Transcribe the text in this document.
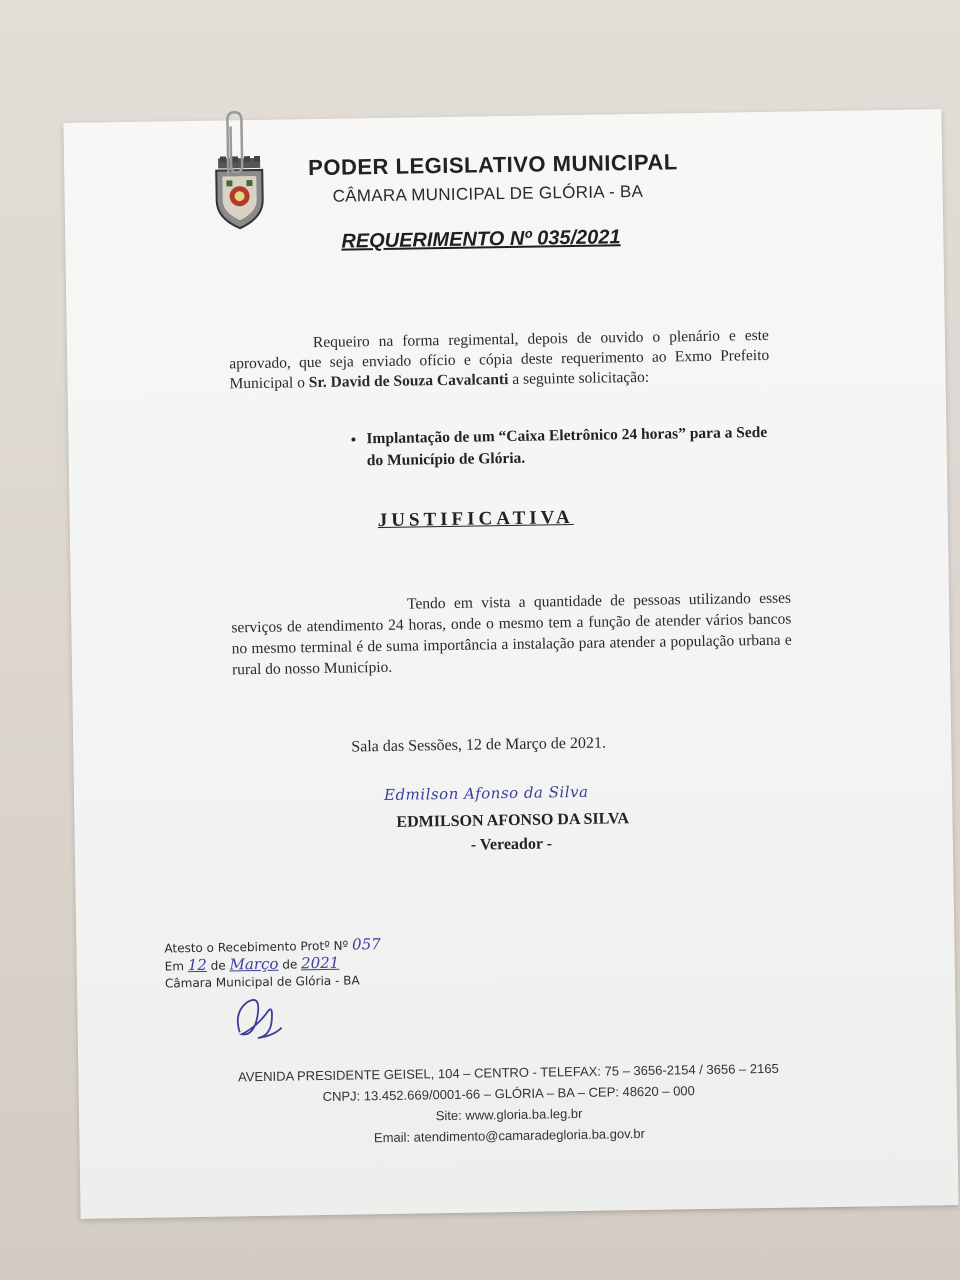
PODER LEGISLATIVO MUNICIPAL
CÂMARA MUNICIPAL DE GLÓRIA - BA
REQUERIMENTO Nº 035/2021
Requeiro na forma regimental, depois de ouvido o plenário e este aprovado, que seja enviado ofício e cópia deste requerimento ao Exmo Prefeito Municipal o Sr. David de Souza Cavalcanti a seguinte solicitação:
• Implantação de um “Caixa Eletrônico 24 horas” para a Sede do Município de Glória.
JUSTIFICATIVA
Tendo em vista a quantidade de pessoas utilizando esses serviços de atendimento 24 horas, onde o mesmo tem a função de atender vários bancos no mesmo terminal é de suma importância a instalação para atender a população urbana e rural do nosso Município.
Sala das Sessões, 12 de Março de 2021.
Edmilson Afonso da Silva
EDMILSON AFONSO DA SILVA
- Vereador -
Atesto o Recebimento Protº Nº 057
Em 12 de Março de 2021
Câmara Municipal de Glória - BA
AVENIDA PRESIDENTE GEISEL, 104 – CENTRO - TELEFAX: 75 – 3656-2154 / 3656 – 2165
CNPJ: 13.452.669/0001-66 – GLÓRIA – BA – CEP: 48620 – 000
Site: www.gloria.ba.leg.br
Email: atendimento@camaradegloria.ba.gov.br
